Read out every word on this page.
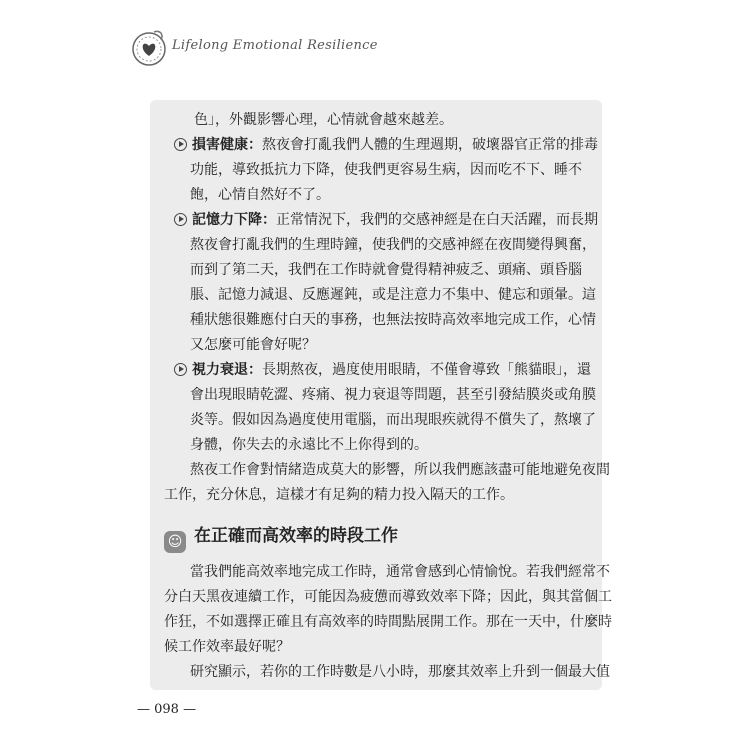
Lifelong Emotional Resilience
色」，外觀影響心理，心情就會越來越差。
損害健康：熬夜會打亂我們人體的生理週期，破壞器官正常的排毒
功能，導致抵抗力下降，使我們更容易生病，因而吃不下、睡不
飽，心情自然好不了。
記憶力下降：正常情況下，我們的交感神經是在白天活躍，而長期
熬夜會打亂我們的生理時鐘，使我們的交感神經在夜間變得興奮，
而到了第二天，我們在工作時就會覺得精神疲乏、頭痛、頭昏腦
脹、記憶力減退、反應遲鈍，或是注意力不集中、健忘和頭暈。這
種狀態很難應付白天的事務，也無法按時高效率地完成工作，心情
又怎麼可能會好呢？
視力衰退：長期熬夜，過度使用眼睛，不僅會導致「熊貓眼」，還
會出現眼睛乾澀、疼痛、視力衰退等問題，甚至引發結膜炎或角膜
炎等。假如因為過度使用電腦，而出現眼疾就得不償失了，熬壞了
身體，你失去的永遠比不上你得到的。
熬夜工作會對情緒造成莫大的影響，所以我們應該盡可能地避免夜間
工作，充分休息，這樣才有足夠的精力投入隔天的工作。
☺ 在正確而高效率的時段工作
當我們能高效率地完成工作時，通常會感到心情愉悅。若我們經常不
分白天黑夜連續工作，可能因為疲憊而導致效率下降；因此，與其當個工
作狂，不如選擇正確且有高效率的時間點展開工作。那在一天中，什麼時
候工作效率最好呢？
研究顯示，若你的工作時數是八小時，那麼其效率上升到一個最大值
— 098 —
